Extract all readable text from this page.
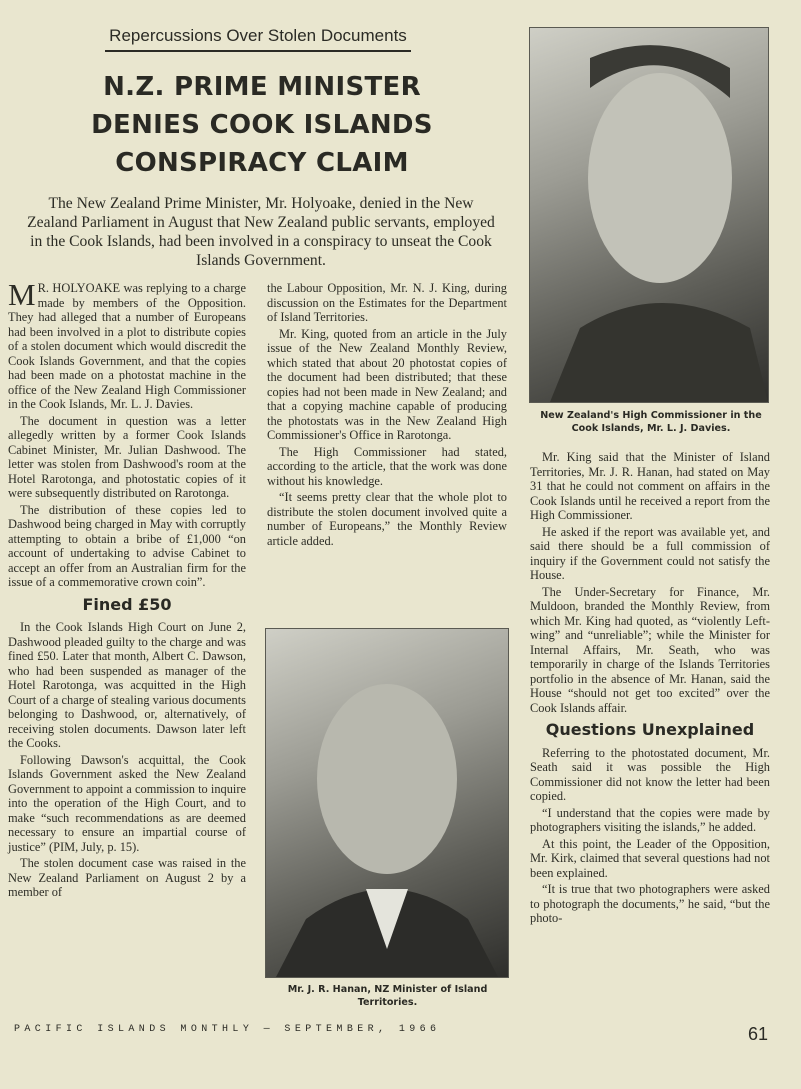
Repercussions Over Stolen Documents
N.Z. PRIME MINISTER
DENIES COOK ISLANDS
CONSPIRACY CLAIM
The New Zealand Prime Minister, Mr. Holyoake, denied in the New Zealand Parliament in August that New Zealand public servants, employed in the Cook Islands, had been involved in a conspiracy to unseat the Cook Islands Government.

M R. HOLYOAKE was replying to a charge made by members of the Opposition. They had alleged that a number of Europeans had been involved in a plot to distribute copies of a stolen document which would discredit the Cook Islands Government, and that the copies had been made on a photostat machine in the office of the New Zealand High Commissioner in the Cook Islands, Mr. L. J. Davies.

The document in question was a letter allegedly written by a former Cook Islands Cabinet Minister, Mr. Julian Dashwood. The letter was stolen from Dashwood's room at the Hotel Rarotonga, and photostatic copies of it were subsequently distributed on Rarotonga.

The distribution of these copies led to Dashwood being charged in May with corruptly attempting to obtain a bribe of £1,000 “on account of undertaking to advise Cabinet to accept an offer from an Australian firm for the issue of a commemorative crown coin”.

Fined £50

In the Cook Islands High Court on June 2, Dashwood pleaded guilty to the charge and was fined £50. Later that month, Albert C. Dawson, who had been suspended as manager of the Hotel Rarotonga, was acquitted in the High Court of a charge of stealing various documents belonging to Dashwood, or, alternatively, of receiving stolen documents. Dawson later left the Cooks.

Following Dawson's acquittal, the Cook Islands Government asked the New Zealand Government to appoint a commission to inquire into the operation of the High Court, and to make “such recommendations as are deemed necessary to ensure an impartial course of justice” (PIM, July, p. 15).

The stolen document case was raised in the New Zealand Parliament on August 2 by a member of

the Labour Opposition, Mr. N. J. King, during discussion on the Estimates for the Department of Island Territories.

Mr. King, quoted from an article in the July issue of the New Zealand Monthly Review, which stated that about 20 photostat copies of the document had been distributed; that these copies had not been made in New Zealand; and that a copying machine capable of producing the photostats was in the New Zealand High Commissioner's Office in Rarotonga.

The High Commissioner had stated, according to the article, that the work was done without his knowledge.

“It seems pretty clear that the whole plot to distribute the stolen document involved quite a number of Europeans,” the Monthly Review article added.

Mr. J. R. Hanan, NZ Minister of Island Territories.
New Zealand's High Commissioner in the Cook Islands, Mr. L. J. Davies.

Mr. King said that the Minister of Island Territories, Mr. J. R. Hanan, had stated on May 31 that he could not comment on affairs in the Cook Islands until he received a report from the High Commissioner.

He asked if the report was available yet, and said there should be a full commission of inquiry if the Government could not satisfy the House.

The Under-Secretary for Finance, Mr. Muldoon, branded the Monthly Review, from which Mr. King had quoted, as “violently Left-wing” and “unreliable”; while the Minister for Internal Affairs, Mr. Seath, who was temporarily in charge of the Islands Territories portfolio in the absence of Mr. Hanan, said the House “should not get too excited” over the Cook Islands affair.

Questions Unexplained

Referring to the photostated document, Mr. Seath said it was possible the High Commissioner did not know the letter had been copied.

“I understand that the copies were made by photographers visiting the islands,” he added.

At this point, the Leader of the Opposition, Mr. Kirk, claimed that several questions had not been explained.

“It is true that two photographers were asked to photograph the documents,” he said, “but the photo-

PACIFIC ISLANDS MONTHLY — SEPTEMBER, 1966	61
